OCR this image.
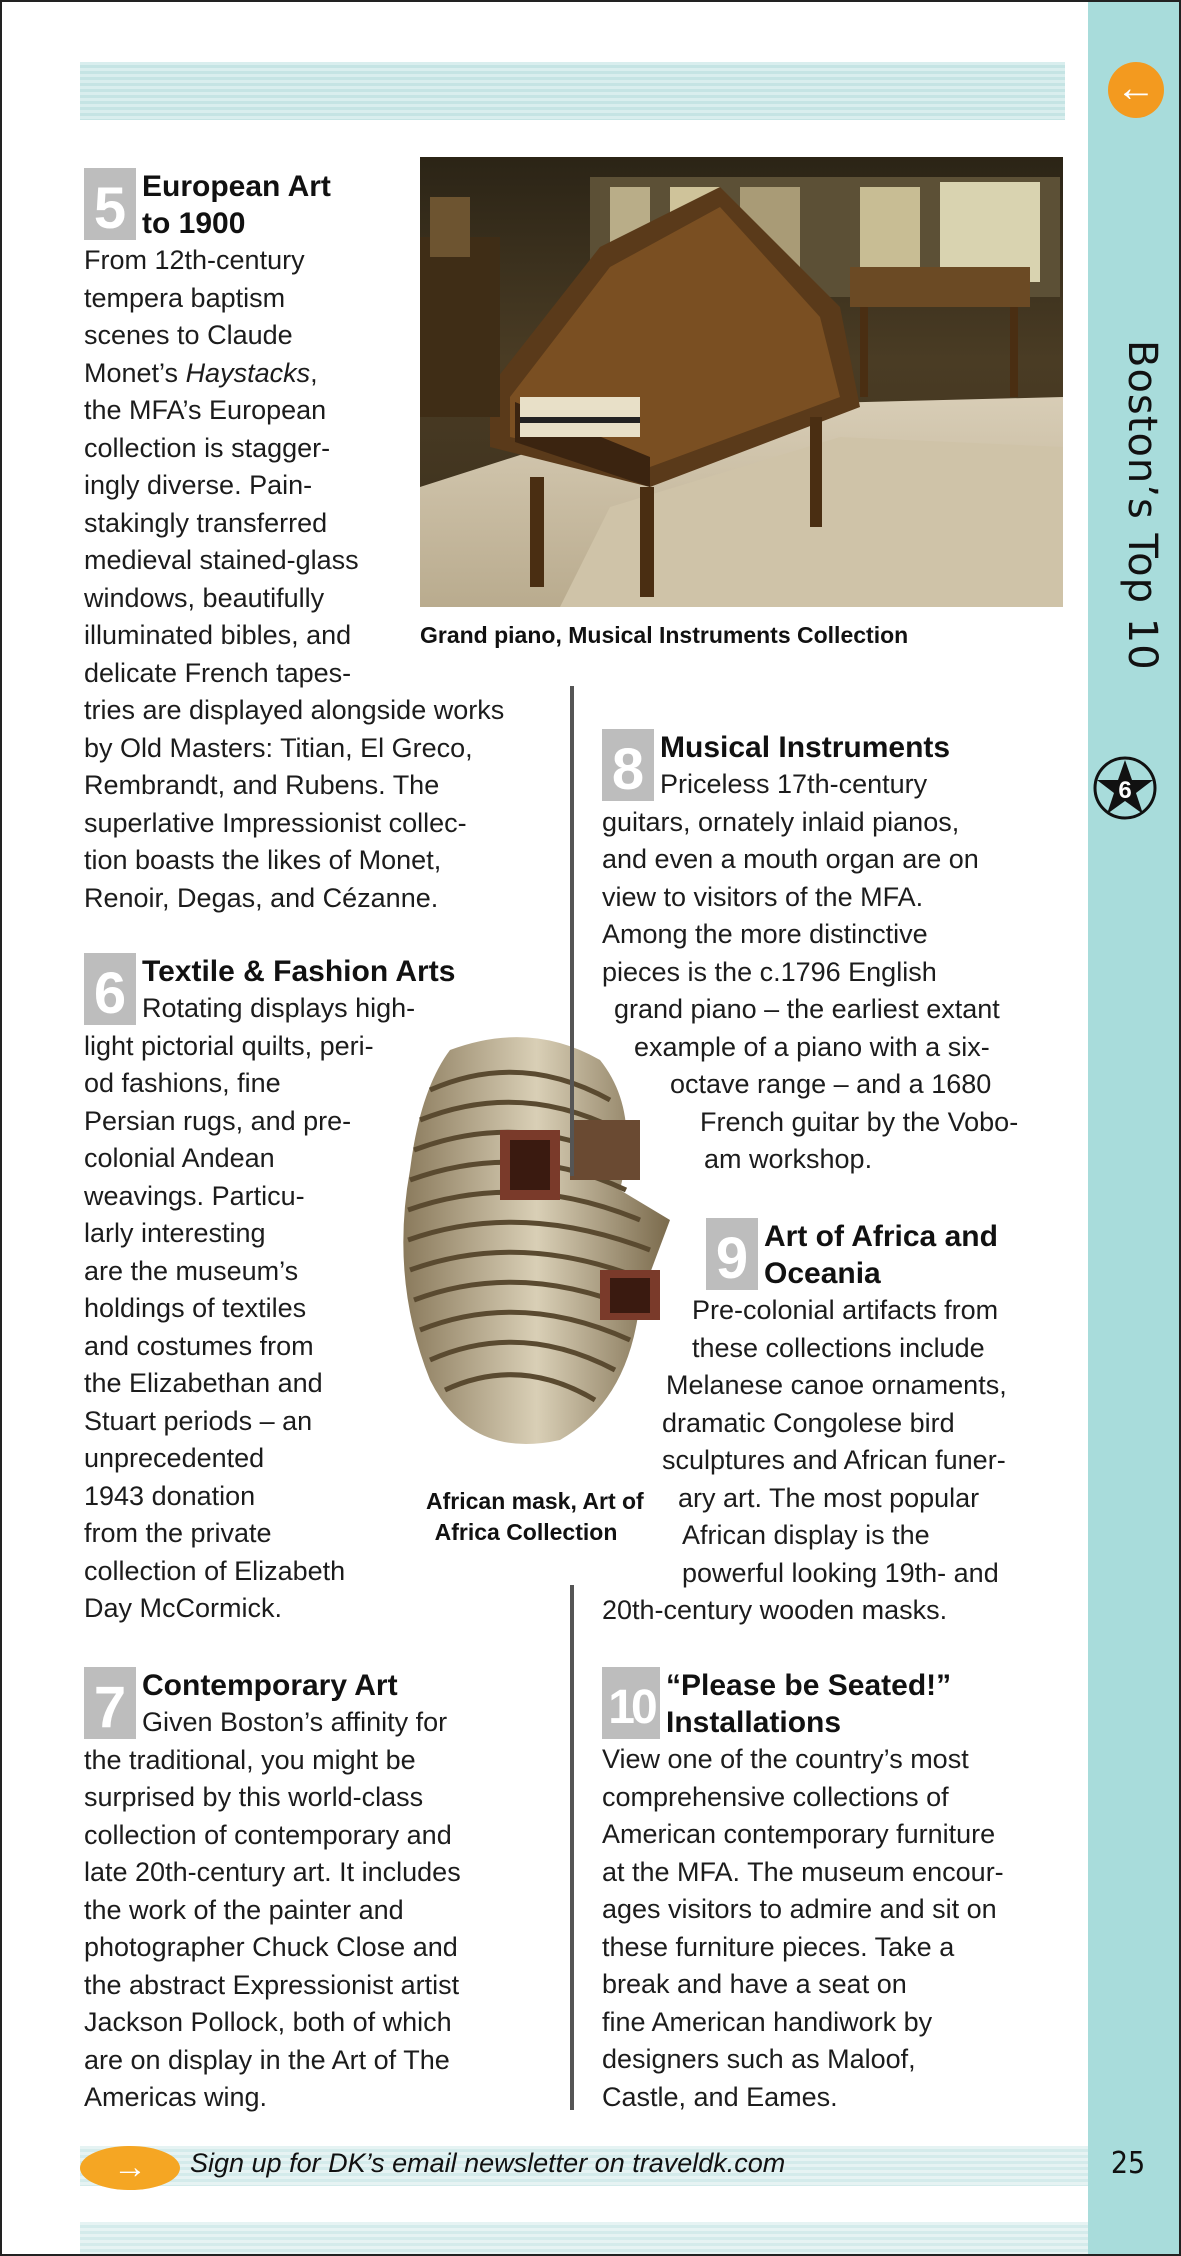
←
Boston’s Top 10
6
25
→	Sign up for DK’s email newsletter on traveldk.com
Grand piano, Musical Instruments Collection
African mask, Art of
Africa Collection
5 European Art
to 1900
From 12th-century
tempera baptism
scenes to Claude
Monet’s Haystacks,
the MFA’s European
collection is stagger-
ingly diverse. Pain-
stakingly transferred
medieval stained-glass
windows, beautifully
illuminated bibles, and
delicate French tapes-
tries are displayed alongside works
by Old Masters: Titian, El Greco,
Rembrandt, and Rubens. The
superlative Impressionist collec-
tion boasts the likes of Monet,
Renoir, Degas, and Cézanne.
6 Textile & Fashion Arts
Rotating displays high-
light pictorial quilts, peri-
od fashions, fine
Persian rugs, and pre-
colonial Andean
weavings. Particu-
larly interesting
are the museum’s
holdings of textiles
and costumes from
the Elizabethan and
Stuart periods – an
unprecedented
1943 donation
from the private
collection of Elizabeth
Day McCormick.
7 Contemporary Art
Given Boston’s affinity for
the traditional, you might be
surprised by this world-class
collection of contemporary and
late 20th-century art. It includes
the work of the painter and
photographer Chuck Close and
the abstract Expressionist artist
Jackson Pollock, both of which
are on display in the Art of The
Americas wing.
8 Musical Instruments
Priceless 17th-century
guitars, ornately inlaid pianos,
and even a mouth organ are on
view to visitors of the MFA.
Among the more distinctive
pieces is the c.1796 English
grand piano – the earliest extant
example of a piano with a six-
octave range – and a 1680
French guitar by the Vobo-
am workshop.
9 Art of Africa and
Oceania
Pre-colonial artifacts from
these collections include
Melanese canoe ornaments,
dramatic Congolese bird
sculptures and African funer-
ary art. The most popular
African display is the
powerful looking 19th- and
20th-century wooden masks.
10 “Please be Seated!”
Installations
View one of the country’s most
comprehensive collections of
American contemporary furniture
at the MFA. The museum encour-
ages visitors to admire and sit on
these furniture pieces. Take a
break and have a seat on
fine American handiwork by
designers such as Maloof,
Castle, and Eames.
